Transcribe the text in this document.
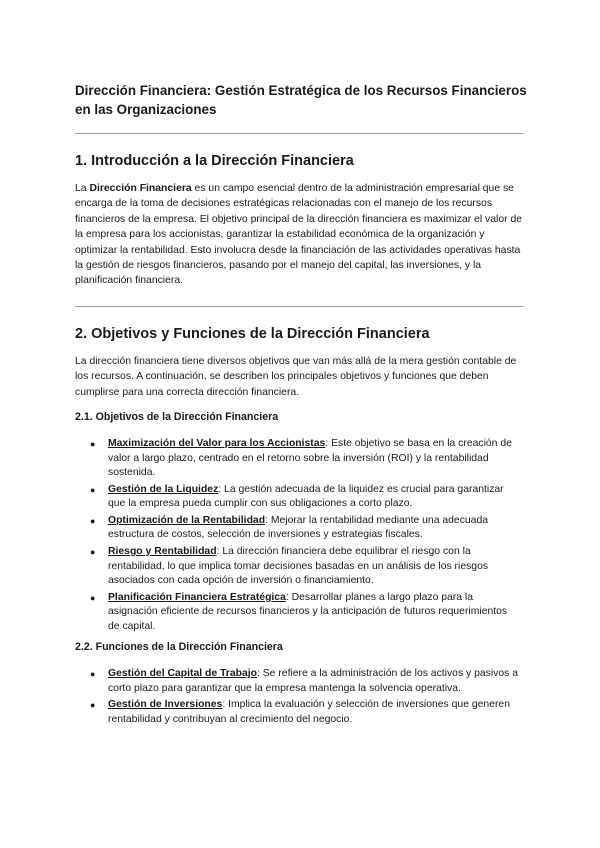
Dirección Financiera: Gestión Estratégica de los Recursos Financieros en las Organizaciones
1. Introducción a la Dirección Financiera

La Dirección Financiera es un campo esencial dentro de la administración empresarial que se encarga de la toma de decisiones estratégicas relacionadas con el manejo de los recursos financieros de la empresa. El objetivo principal de la dirección financiera es maximizar el valor de la empresa para los accionistas, garantizar la estabilidad económica de la organización y optimizar la rentabilidad. Esto involucra desde la financiación de las actividades operativas hasta la gestión de riesgos financieros, pasando por el manejo del capital, las inversiones, y la planificación financiera.

2. Objetivos y Funciones de la Dirección Financiera

La dirección financiera tiene diversos objetivos que van más allá de la mera gestión contable de los recursos. A continuación, se describen los principales objetivos y funciones que deben cumplirse para una correcta dirección financiera.

2.1. Objetivos de la Dirección Financiera
● Maximización del Valor para los Accionistas: Este objetivo se basa en la creación de valor a largo plazo, centrado en el retorno sobre la inversión (ROI) y la rentabilidad sostenida.
● Gestión de la Liquidez: La gestión adecuada de la liquidez es crucial para garantizar que la empresa pueda cumplir con sus obligaciones a corto plazo.
● Optimización de la Rentabilidad: Mejorar la rentabilidad mediante una adecuada estructura de costos, selección de inversiones y estrategias fiscales.
● Riesgo y Rentabilidad: La dirección financiera debe equilibrar el riesgo con la rentabilidad, lo que implica tomar decisiones basadas en un análisis de los riesgos asociados con cada opción de inversión o financiamiento.
● Planificación Financiera Estratégica: Desarrollar planes a largo plazo para la asignación eficiente de recursos financieros y la anticipación de futuros requerimientos de capital.
2.2. Funciones de la Dirección Financiera
● Gestión del Capital de Trabajo: Se refiere a la administración de los activos y pasivos a corto plazo para garantizar que la empresa mantenga la solvencia operativa.
● Gestión de Inversiones: Implica la evaluación y selección de inversiones que generen rentabilidad y contribuyan al crecimiento del negocio.
